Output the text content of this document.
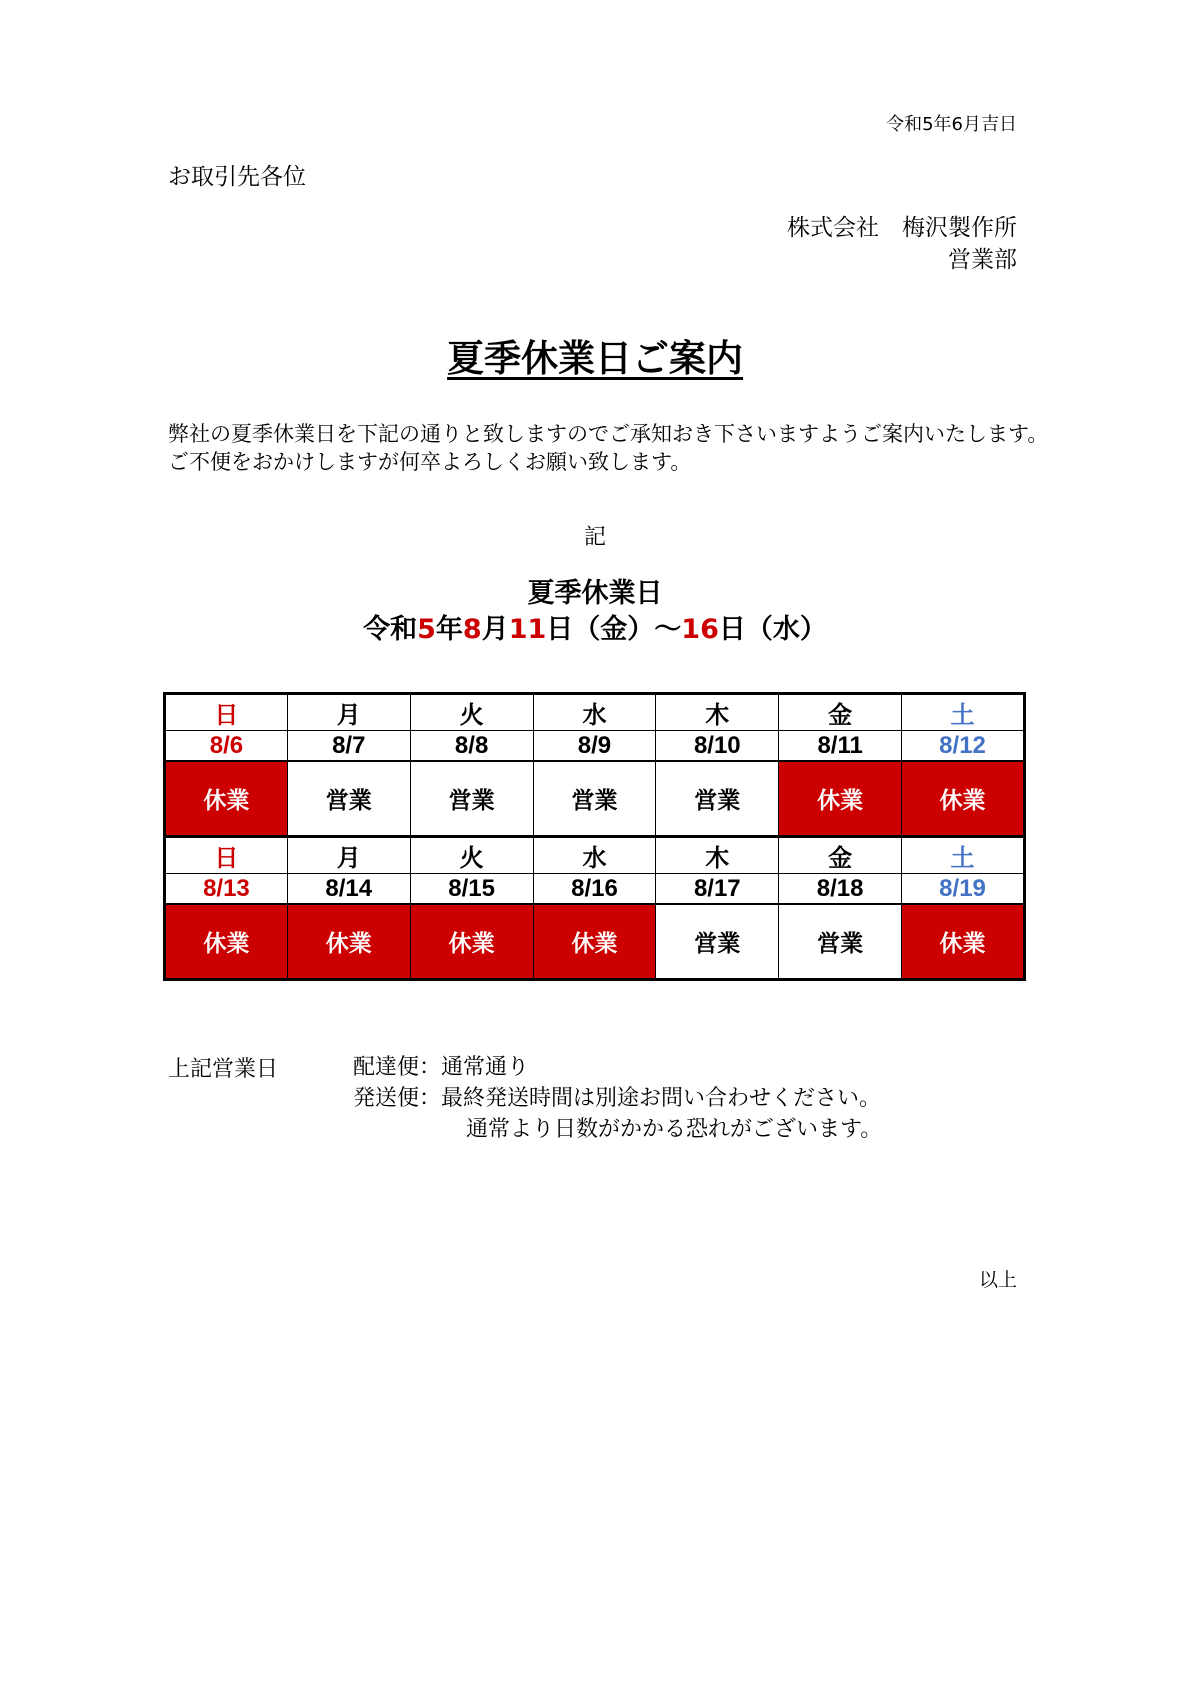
令和5年6月吉日
お取引先各位
株式会社　梅沢製作所
営業部
夏季休業日ご案内
弊社の夏季休業日を下記の通りと致しますのでご承知おき下さいますようご案内いたします。
ご不便をおかけしますが何卒よろしくお願い致します。
記
夏季休業日
令和5年8月11日（金）～16日（水）
日	月	火	水	木	金	土
8/6	8/7	8/8	8/9	8/10	8/11	8/12
休業	営業	営業	営業	営業	休業	休業
日	月	火	水	木	金	土
8/13	8/14	8/15	8/16	8/17	8/18	8/19
休業	休業	休業	休業	営業	営業	休業
上記営業日	配達便：通常通り
発送便：最終発送時間は別途お問い合わせください。
通常より日数がかかる恐れがございます。
以上
